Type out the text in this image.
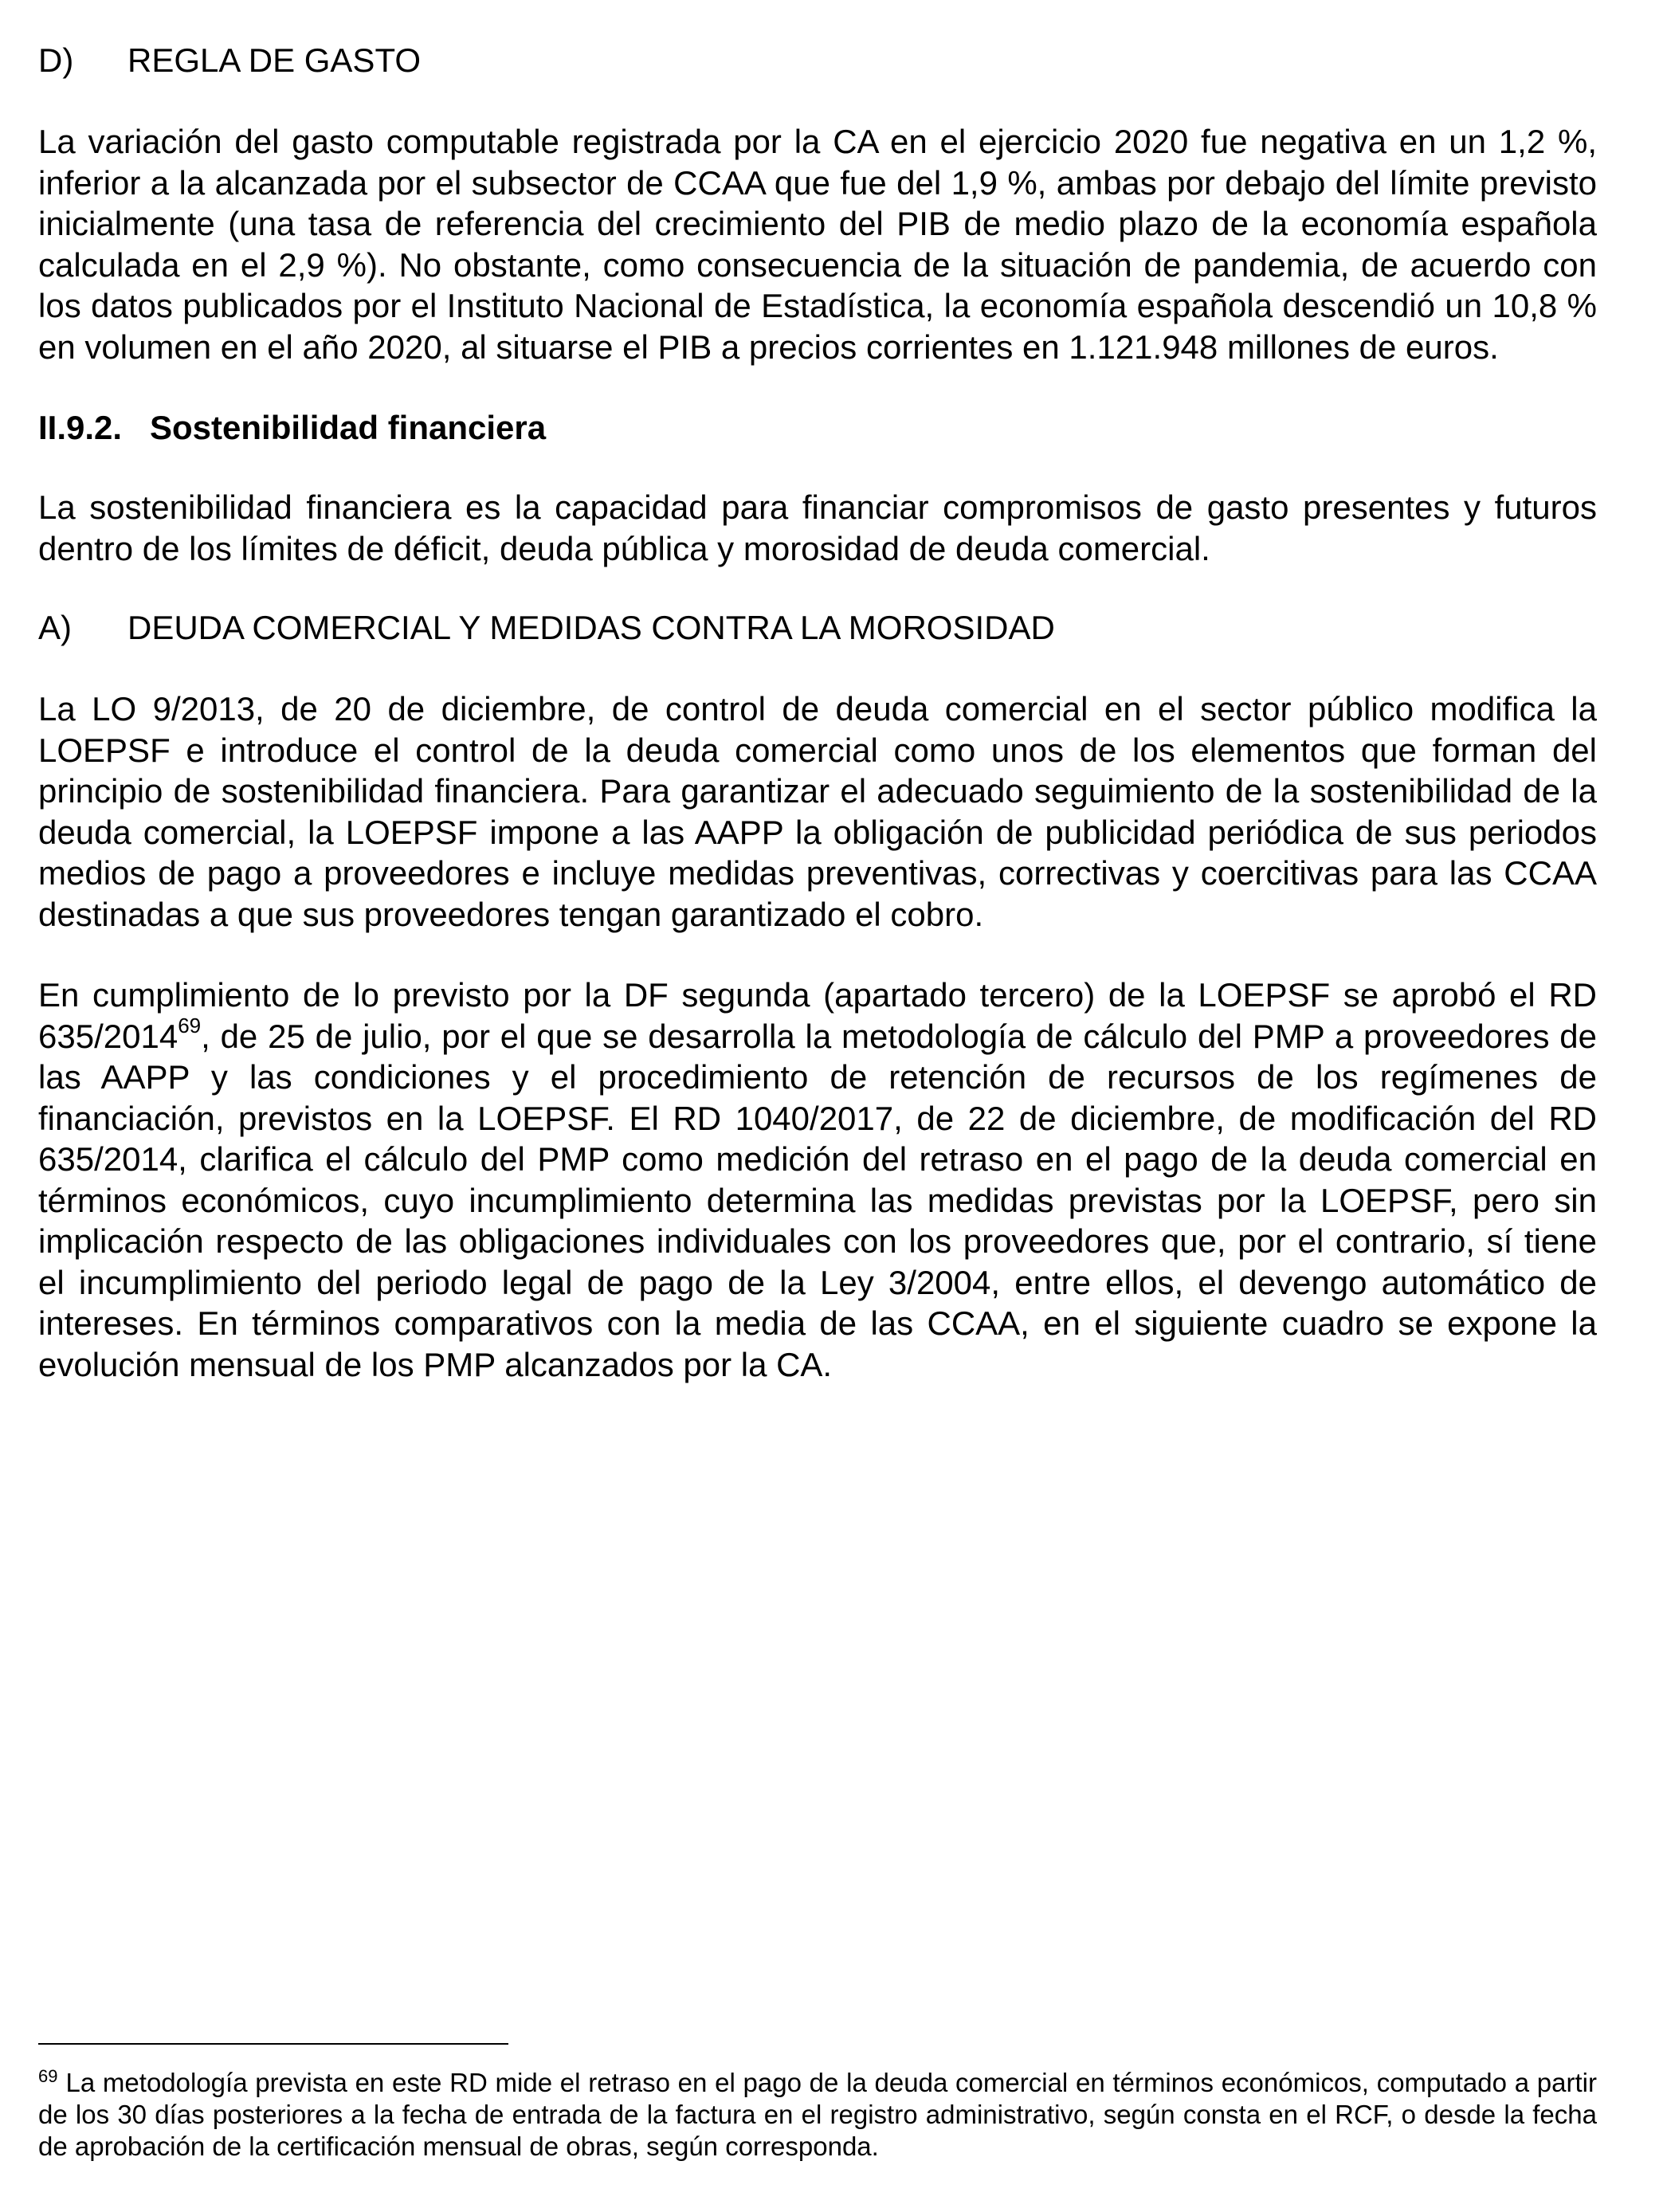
D) REGLA DE GASTO

La variación del gasto computable registrada por la CA en el ejercicio 2020 fue negativa en un 1,2 %, inferior a la alcanzada por el subsector de CCAA que fue del 1,9 %, ambas por debajo del límite previsto inicialmente (una tasa de referencia del crecimiento del PIB de medio plazo de la economía española calculada en el 2,9 %). No obstante, como consecuencia de la situación de pandemia, de acuerdo con los datos publicados por el Instituto Nacional de Estadística, la economía española descendió un 10,8 % en volumen en el año 2020, al situarse el PIB a precios corrientes en 1.121.948 millones de euros.

II.9.2. Sostenibilidad financiera

La sostenibilidad financiera es la capacidad para financiar compromisos de gasto presentes y futuros dentro de los límites de déficit, deuda pública y morosidad de deuda comercial.

A) DEUDA COMERCIAL Y MEDIDAS CONTRA LA MOROSIDAD

La LO 9/2013, de 20 de diciembre, de control de deuda comercial en el sector público modifica la LOEPSF e introduce el control de la deuda comercial como unos de los elementos que forman del principio de sostenibilidad financiera. Para garantizar el adecuado seguimiento de la sostenibilidad de la deuda comercial, la LOEPSF impone a las AAPP la obligación de publicidad periódica de sus periodos medios de pago a proveedores e incluye medidas preventivas, correctivas y coercitivas para las CCAA destinadas a que sus proveedores tengan garantizado el cobro.

En cumplimiento de lo previsto por la DF segunda (apartado tercero) de la LOEPSF se aprobó el RD 635/2014$^{69}$, de 25 de julio, por el que se desarrolla la metodología de cálculo del PMP a proveedores de las AAPP y las condiciones y el procedimiento de retención de recursos de los regímenes de financiación, previstos en la LOEPSF. El RD 1040/2017, de 22 de diciembre, de modificación del RD 635/2014, clarifica el cálculo del PMP como medición del retraso en el pago de la deuda comercial en términos económicos, cuyo incumplimiento determina las medidas previstas por la LOEPSF, pero sin implicación respecto de las obligaciones individuales con los proveedores que, por el contrario, sí tiene el incumplimiento del periodo legal de pago de la Ley 3/2004, entre ellos, el devengo automático de intereses. En términos comparativos con la media de las CCAA, en el siguiente cuadro se expone la evolución mensual de los PMP alcanzados por la CA.

$^{69}$ La metodología prevista en este RD mide el retraso en el pago de la deuda comercial en términos económicos, computado a partir de los 30 días posteriores a la fecha de entrada de la factura en el registro administrativo, según consta en el RCF, o desde la fecha de aprobación de la certificación mensual de obras, según corresponda.
